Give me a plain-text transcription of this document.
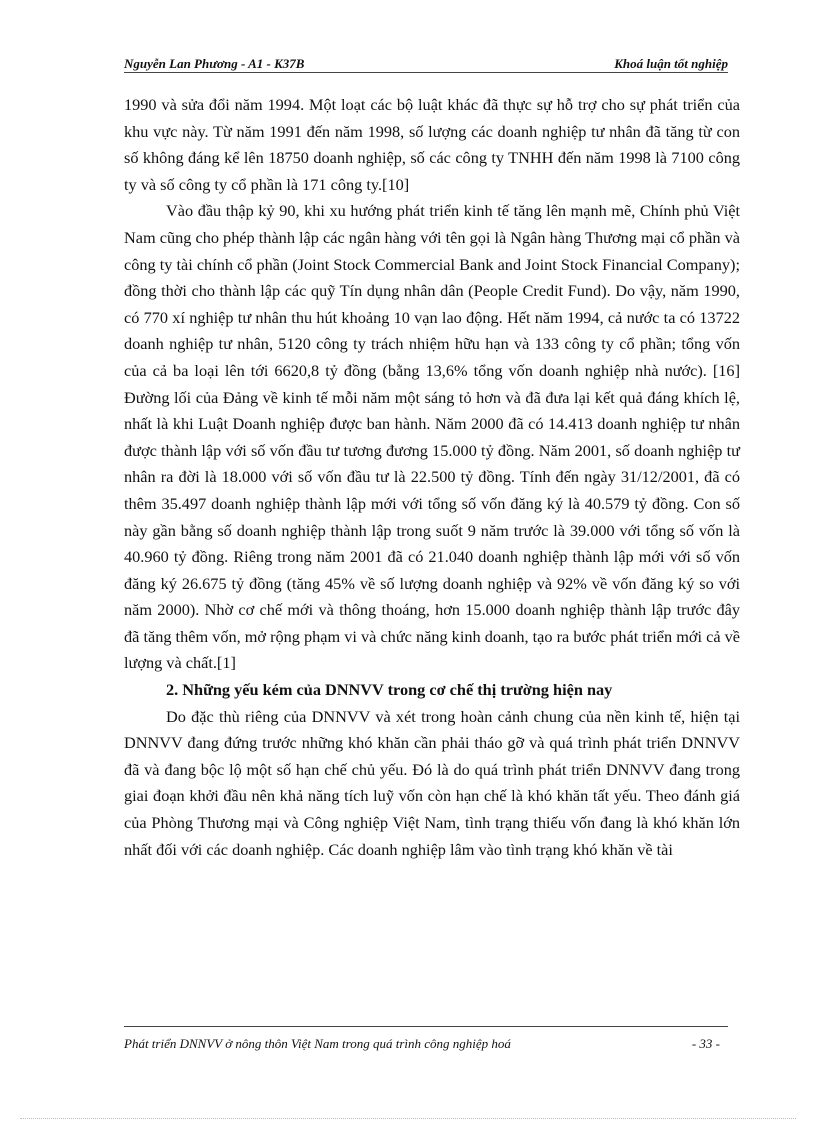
Nguyễn Lan Phương - A1 - K37B	Khoá luận tốt nghiệp

1990 và sửa đổi năm 1994. Một loạt các bộ luật khác đã thực sự hỗ trợ cho sự phát triển của khu vực này. Từ năm 1991 đến năm 1998, số lượng các doanh nghiệp tư nhân đã tăng từ con số không đáng kể lên 18750 doanh nghiệp, số các công ty TNHH đến năm 1998 là 7100 công ty và số công ty cổ phần là 171 công ty.[10]

Vào đầu thập kỷ 90, khi xu hướng phát triển kinh tế tăng lên mạnh mẽ, Chính phủ Việt Nam cũng cho phép thành lập các ngân hàng với tên gọi là Ngân hàng Thương mại cổ phần và công ty tài chính cổ phần (Joint Stock Commercial Bank and Joint Stock Financial Company); đồng thời cho thành lập các quỹ Tín dụng nhân dân (People Credit Fund). Do vậy, năm 1990, có 770 xí nghiệp tư nhân thu hút khoảng 10 vạn lao động. Hết năm 1994, cả nước ta có 13722 doanh nghiệp tư nhân, 5120 công ty trách nhiệm hữu hạn và 133 công ty cổ phần; tổng vốn của cả ba loại lên tới 6620,8 tỷ đồng (bằng 13,6% tổng vốn doanh nghiệp nhà nước). [16] Đường lối của Đảng về kinh tế mỗi năm một sáng tỏ hơn và đã đưa lại kết quả đáng khích lệ, nhất là khi Luật Doanh nghiệp được ban hành. Năm 2000 đã có 14.413 doanh nghiệp tư nhân được thành lập với số vốn đầu tư tương đương 15.000 tỷ đồng. Năm 2001, số doanh nghiệp tư nhân ra đời là 18.000 với số vốn đầu tư là 22.500 tỷ đồng. Tính đến ngày 31/12/2001, đã có thêm 35.497 doanh nghiệp thành lập mới với tổng số vốn đăng ký là 40.579 tỷ đồng. Con số này gần bằng số doanh nghiệp thành lập trong suốt 9 năm trước là 39.000 với tổng số vốn là 40.960 tỷ đồng. Riêng trong năm 2001 đã có 21.040 doanh nghiệp thành lập mới với số vốn đăng ký 26.675 tỷ đồng (tăng 45% về số lượng doanh nghiệp và 92% về vốn đăng ký so với năm 2000). Nhờ cơ chế mới và thông thoáng, hơn 15.000 doanh nghiệp thành lập trước đây đã tăng thêm vốn, mở rộng phạm vi và chức năng kinh doanh, tạo ra bước phát triển mới cả về lượng và chất.[1]

2. Những yếu kém của DNNVV trong cơ chế thị trường hiện nay

Do đặc thù riêng của DNNVV và xét trong hoàn cảnh chung của nền kinh tế, hiện tại DNNVV đang đứng trước những khó khăn cần phải tháo gỡ và quá trình phát triển DNNVV đã và đang bộc lộ một số hạn chế chủ yếu. Đó là do quá trình phát triển DNNVV đang trong giai đoạn khởi đầu nên khả năng tích luỹ vốn còn hạn chế là khó khăn tất yếu. Theo đánh giá của Phòng Thương mại và Công nghiệp Việt Nam, tình trạng thiếu vốn đang là khó khăn lớn nhất đối với các doanh nghiệp. Các doanh nghiệp lâm vào tình trạng khó khăn về tài

Phát triển DNNVV ở nông thôn Việt Nam trong quá trình công nghiệp hoá	- 33 -
